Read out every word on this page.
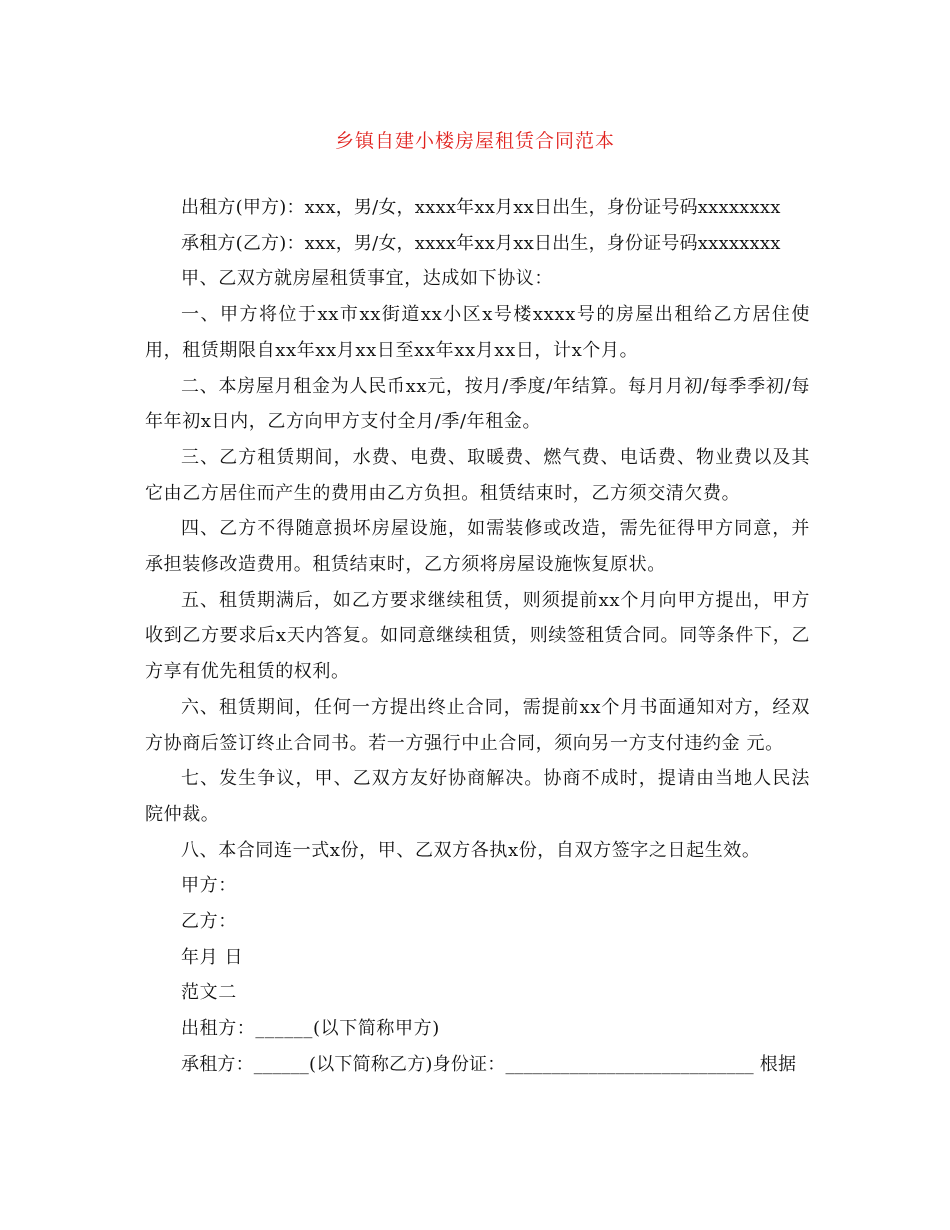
乡镇自建小楼房屋租赁合同范本

出租方(甲方)：xxx，男/女，xxxx年xx月xx日出生，身份证号码xxxxxxxx

承租方(乙方)：xxx，男/女，xxxx年xx月xx日出生，身份证号码xxxxxxxx

甲、乙双方就房屋租赁事宜，达成如下协议：

一、甲方将位于xx市xx街道xx小区x号楼xxxx号的房屋出租给乙方居住使用，租赁期限自xx年xx月xx日至xx年xx月xx日，计x个月。

二、本房屋月租金为人民币xx元，按月/季度/年结算。每月月初/每季季初/每年年初x日内，乙方向甲方支付全月/季/年租金。

三、乙方租赁期间，水费、电费、取暖费、燃气费、电话费、物业费以及其它由乙方居住而产生的费用由乙方负担。租赁结束时，乙方须交清欠费。

四、乙方不得随意损坏房屋设施，如需装修或改造，需先征得甲方同意，并承担装修改造费用。租赁结束时，乙方须将房屋设施恢复原状。

五、租赁期满后，如乙方要求继续租赁，则须提前xx个月向甲方提出，甲方收到乙方要求后x天内答复。如同意继续租赁，则续签租赁合同。同等条件下，乙方享有优先租赁的权利。

六、租赁期间，任何一方提出终止合同，需提前xx个月书面通知对方，经双方协商后签订终止合同书。若一方强行中止合同，须向另一方支付违约金 元。

七、发生争议，甲、乙双方友好协商解决。协商不成时，提请由当地人民法院仲裁。

八、本合同连一式x份，甲、乙双方各执x份，自双方签字之日起生效。

甲方：

乙方：

年月 日

范文二

出租方：______(以下简称甲方)

承租方：______(以下简称乙方)身份证：___________________________ 根据
